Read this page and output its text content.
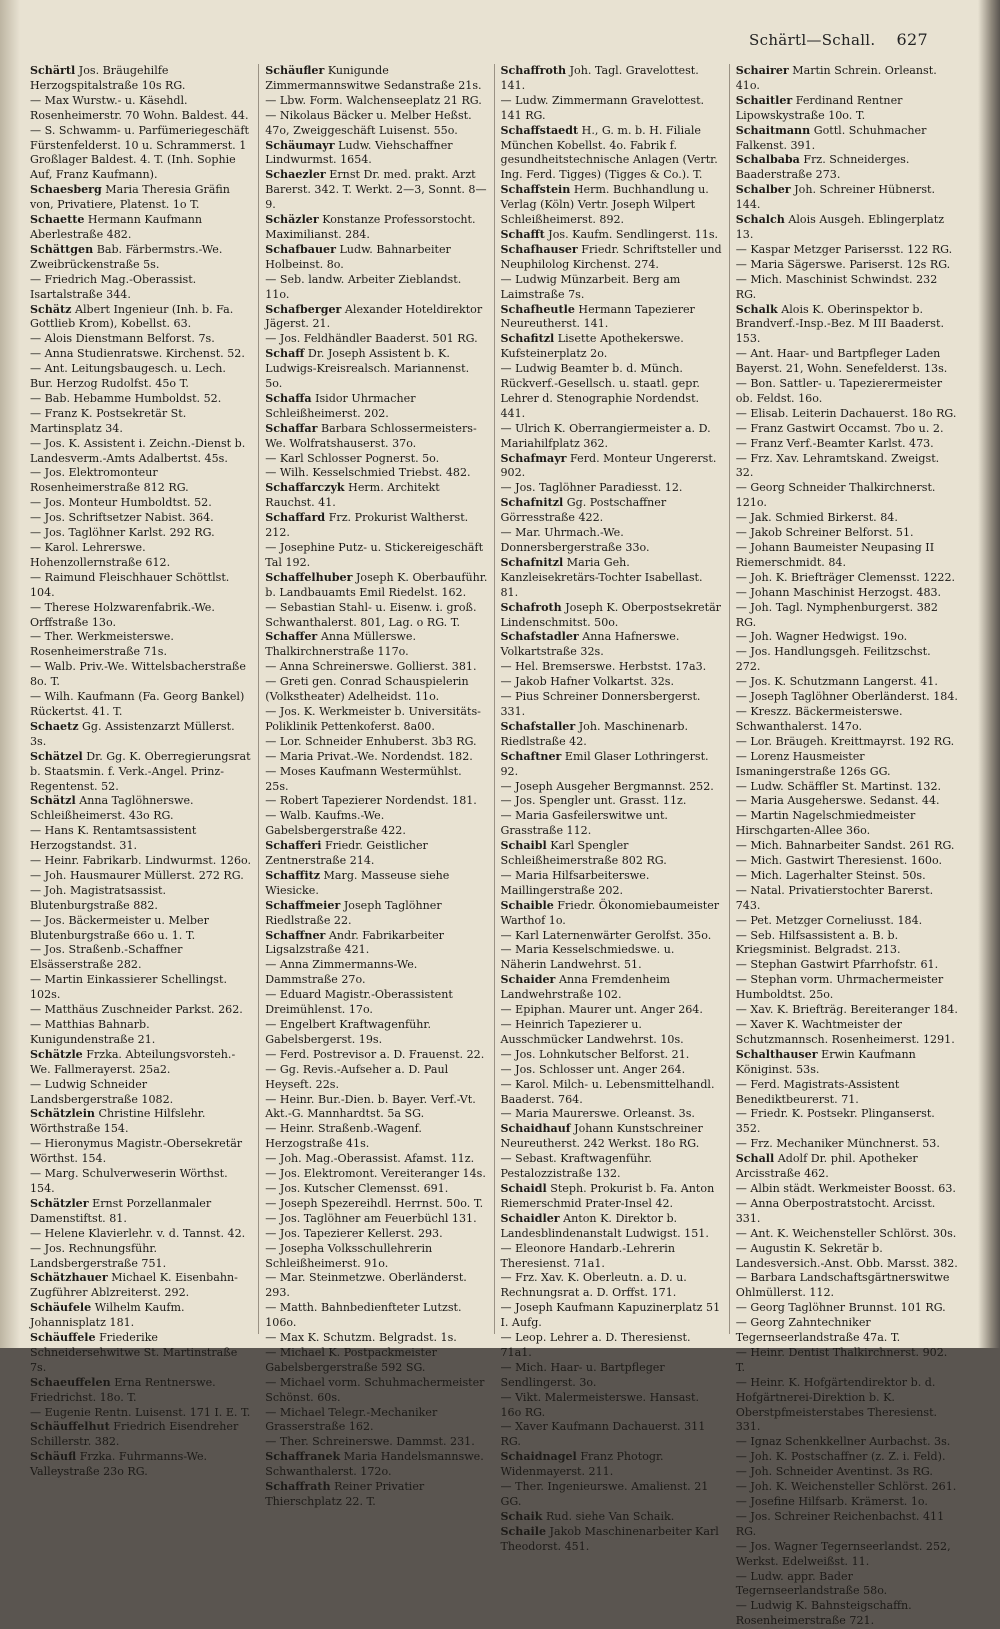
Schärtl—Schall. 627

Schärtl Jos. Bräugehilfe Herzogspitalstraße 10s RG.

— Max Wurstw.- u. Käsehdl. Rosenheimerstr. 70 Wohn. Baldest. 44.

— S. Schwamm- u. Parfümeriegeschäft Fürstenfelderst. 10 u. Schrammerst. 1 Großlager Baldest. 4. T. (Inh. Sophie Auf, Franz Kaufmann).

Schaesberg Maria Theresia Gräfin von, Privatiere, Platenst. 1o T.

Schaette Hermann Kaufmann Aberlestraße 482.

Schättgen Bab. Färbermstrs.-We. Zweibrückenstraße 5s.

— Friedrich Mag.-Oberassist. Isartalstraße 344.

Schätz Albert Ingenieur (Inh. b. Fa. Gottlieb Krom), Kobellst. 63.

— Alois Dienstmann Belforst. 7s.

— Anna Studienratswe. Kirchenst. 52.

— Ant. Leitungsbaugesch. u. Lech. Bur. Herzog Rudolfst. 45o T.

— Bab. Hebamme Humboldst. 52.

— Franz K. Postsekretär St. Martinsplatz 34.

— Jos. K. Assistent i. Zeichn.-Dienst b. Landesverm.-Amts Adalbertst. 45s.

— Jos. Elektromonteur Rosenheimerstraße 812 RG.

— Jos. Monteur Humboldtst. 52.

— Jos. Schriftsetzer Nabist. 364.

— Jos. Taglöhner Karlst. 292 RG.

— Karol. Lehrerswe. Hohenzollernstraße 612.

— Raimund Fleischhauer Schöttlst. 104.

— Therese Holzwarenfabrik.-We. Orffstraße 13o.

— Ther. Werkmeisterswe. Rosenheimerstraße 71s.

— Walb. Priv.-We. Wittelsbacherstraße 8o. T.

— Wilh. Kaufmann (Fa. Georg Bankel) Rückertst. 41. T.

Schaetz Gg. Assistenzarzt Müllerst. 3s.

Schätzel Dr. Gg. K. Oberregierungsrat b. Staatsmin. f. Verk.-Angel. Prinz-Regentenst. 52.

Schätzl Anna Taglöhnerswe. Schleißheimerst. 43o RG.

— Hans K. Rentamtsassistent Herzogstandst. 31.

— Heinr. Fabrikarb. Lindwurmst. 126o.

— Joh. Hausmaurer Müllerst. 272 RG.

— Joh. Magistratsassist. Blutenburgstraße 882.

— Jos. Bäckermeister u. Melber Blutenburgstraße 66o u. 1. T.

— Jos. Straßenb.-Schaffner Elsässerstraße 282.

— Martin Einkassierer Schellingst. 102s.

— Matthäus Zuschneider Parkst. 262.

— Matthias Bahnarb. Kunigundenstraße 21.

Schätzle Frzka. Abteilungsvorsteh.-We. Fallmerayerst. 25a2.

— Ludwig Schneider Landsbergerstraße 1082.

Schätzlein Christine Hilfslehr. Wörthstraße 154.

— Hieronymus Magistr.-Obersekretär Wörthst. 154.

— Marg. Schulverweserin Wörthst. 154.

Schätzler Ernst Porzellanmaler Damenstiftst. 81.

— Helene Klavierlehr. v. d. Tannst. 42.

— Jos. Rechnungsführ. Landsbergerstraße 751.

Schätzhauer Michael K. Eisenbahn-Zugführer Ablzreiterst. 292.

Schäufele Wilhelm Kaufm. Johannisplatz 181.

Schäuffele Friederike Schneidersehwitwe St. Martinstraße 7s.

Schaeuffelen Erna Rentnerswe. Friedrichst. 18o. T.

— Eugenie Rentn. Luisenst. 171 I. E. T.

Schäuffelhut Friedrich Eisendreher Schillerstr. 382.

Schäufl Frzka. Fuhrmanns-We. Valleystraße 23o RG.

Schäufler Kunigunde Zimmermannswitwe Sedanstraße 21s.

— Lbw. Form. Walchenseeplatz 21 RG.

— Nikolaus Bäcker u. Melber Heßst. 47o, Zweiggeschäft Luisenst. 55o.

Schäumayr Ludw. Viehschaffner Lindwurmst. 1654.

Schaezler Ernst Dr. med. prakt. Arzt Barerst. 342. T. Werkt. 2—3, Sonnt. 8—9.

Schäzler Konstanze Professorstocht. Maximilianst. 284.

Schafbauer Ludw. Bahnarbeiter Holbeinst. 8o.

— Seb. landw. Arbeiter Zieblandst. 11o.

Schafberger Alexander Hoteldirektor Jägerst. 21.

— Jos. Feldhändler Baaderst. 501 RG.

Schaff Dr. Joseph Assistent b. K. Ludwigs-Kreisrealsch. Mariannenst. 5o.

Schaffa Isidor Uhrmacher Schleißheimerst. 202.

Schaffar Barbara Schlossermeisters-We. Wolfratshauserst. 37o.

— Karl Schlosser Pognerst. 5o.

— Wilh. Kesselschmied Triebst. 482.

Schaffarczyk Herm. Architekt Rauchst. 41.

Schaffard Frz. Prokurist Waltherst. 212.

— Josephine Putz- u. Stickereigeschäft Tal 192.

Schaffelhuber Joseph K. Oberbauführ. b. Landbauamts Emil Riedelst. 162.

— Sebastian Stahl- u. Eisenw. i. groß. Schwanthalerst. 801, Lag. o RG. T.

Schaffer Anna Müllerswe. Thalkirchnerstraße 117o.

— Anna Schreinerswe. Gollierst. 381.

— Greti gen. Conrad Schauspielerin (Volkstheater) Adelheidst. 11o.

— Jos. K. Werkmeister b. Universitäts-Poliklinik Pettenkoferst. 8a00.

— Lor. Schneider Enhuberst. 3b3 RG.

— Maria Privat.-We. Nordendst. 182.

— Moses Kaufmann Westermühlst. 25s.

— Robert Tapezierer Nordendst. 181.

— Walb. Kaufms.-We. Gabelsbergerstraße 422.

Schafferi Friedr. Geistlicher Zentnerstraße 214.

Schaffitz Marg. Masseuse siehe Wiesicke.

Schaffmeier Joseph Taglöhner Riedlstraße 22.

Schaffner Andr. Fabrikarbeiter Ligsalzstraße 421.

— Anna Zimmermanns-We. Dammstraße 27o.

— Eduard Magistr.-Oberassistent Dreimühlenst. 17o.

— Engelbert Kraftwagenführ. Gabelsbergerst. 19s.

— Ferd. Postrevisor a. D. Frauenst. 22.

— Gg. Revis.-Aufseher a. D. Paul Heyseft. 22s.

— Heinr. Bur.-Dien. b. Bayer. Verf.-Vt. Akt.-G. Mannhardtst. 5a SG.

— Heinr. Straßenb.-Wagenf. Herzogstraße 41s.

— Joh. Mag.-Oberassist. Afamst. 11z.

— Jos. Elektromont. Vereiteranger 14s.

— Jos. Kutscher Clemensst. 691.

— Joseph Spezereihdl. Herrnst. 50o. T.

— Jos. Taglöhner am Feuerbüchl 131.

— Jos. Tapezierer Kellerst. 293.

— Josepha Volksschullehrerin Schleißheimerst. 91o.

— Mar. Steinmetzwe. Oberländerst. 293.

— Matth. Bahnbedienfteter Lutzst. 106o.

— Max K. Schutzm. Belgradst. 1s.

— Michael K. Postpackmeister Gabelsbergerstraße 592 SG.

— Michael vorm. Schuhmachermeister Schönst. 60s.

— Michael Telegr.-Mechaniker Grasserstraße 162.

— Ther. Schreinerswe. Dammst. 231.

Schaffranek Maria Handelsmannswe. Schwanthalerst. 172o.

Schaffrath Reiner Privatier Thierschplatz 22. T.

Schaffroth Joh. Tagl. Gravelottest. 141.

— Ludw. Zimmermann Gravelottest. 141 RG.

Schaffstaedt H., G. m. b. H. Filiale München Kobellst. 4o. Fabrik f. gesundheitstechnische Anlagen (Vertr. Ing. Ferd. Tigges) (Tigges & Co.). T.

Schaffstein Herm. Buchhandlung u. Verlag (Köln) Vertr. Joseph Wilpert Schleißheimerst. 892.

Schafft Jos. Kaufm. Sendlingerst. 11s.

Schafhauser Friedr. Schriftsteller und Neuphilolog Kirchenst. 274.

— Ludwig Münzarbeit. Berg am Laimstraße 7s.

Schafheutle Hermann Tapezierer Neureutherst. 141.

Schafitzl Lisette Apothekerswe. Kufsteinerplatz 2o.

— Ludwig Beamter b. d. Münch. Rückverf.-Gesellsch. u. staatl. gepr. Lehrer d. Stenographie Nordendst. 441.

— Ulrich K. Oberrangiermeister a. D. Mariahilfplatz 362.

Schafmayr Ferd. Monteur Ungererst. 902.

— Jos. Taglöhner Paradiesst. 12.

Schafnitzl Gg. Postschaffner Görresstraße 422.

— Mar. Uhrmach.-We. Donnersbergerstraße 33o.

Schafnitzl Maria Geh. Kanzleisekretärs-Tochter Isabellast. 81.

Schafroth Joseph K. Oberpostsekretär Lindenschmitst. 50o.

Schafstadler Anna Hafnerswe. Volkartstraße 32s.

— Hel. Bremserswe. Herbstst. 17a3.

— Jakob Hafner Volkartst. 32s.

— Pius Schreiner Donnersbergerst. 331.

Schafstaller Joh. Maschinenarb. Riedlstraße 42.

Schaftner Emil Glaser Lothringerst. 92.

— Joseph Ausgeher Bergmannst. 252.

— Jos. Spengler unt. Grasst. 11z.

— Maria Gasfeilerswitwe unt. Grasstraße 112.

Schaibl Karl Spengler Schleißheimerstraße 802 RG.

— Maria Hilfsarbeiterswe. Maillingerstraße 202.

Schaible Friedr. Ökonomiebaumeister Warthof 1o.

— Karl Laternenwärter Gerolfst. 35o.

— Maria Kesselschmiedswe. u. Näherin Landwehrst. 51.

Schaider Anna Fremdenheim Landwehrstraße 102.

— Epiphan. Maurer unt. Anger 264.

— Heinrich Tapezierer u. Ausschmücker Landwehrst. 10s.

— Jos. Lohnkutscher Belforst. 21.

— Jos. Schlosser unt. Anger 264.

— Karol. Milch- u. Lebensmittelhandl. Baaderst. 764.

— Maria Maurerswe. Orleanst. 3s.

Schaidhauf Johann Kunstschreiner Neureutherst. 242 Werkst. 18o RG.

— Sebast. Kraftwagenführ. Pestalozzistraße 132.

Schaidl Steph. Prokurist b. Fa. Anton Riemerschmid Prater-Insel 42.

Schaidler Anton K. Direktor b. Landesblindenanstalt Ludwigst. 151.

— Eleonore Handarb.-Lehrerin Theresienst. 71a1.

— Frz. Xav. K. Oberleutn. a. D. u. Rechnungsrat a. D. Orffst. 171.

— Joseph Kaufmann Kapuzinerplatz 51 I. Aufg.

— Leop. Lehrer a. D. Theresienst. 71a1.

— Mich. Haar- u. Bartpfleger Sendlingerst. 3o.

— Vikt. Malermeisterswe. Hansast. 16o RG.

— Xaver Kaufmann Dachauerst. 311 RG.

Schaidnagel Franz Photogr. Widenmayerst. 211.

— Ther. Ingenieurswe. Amalienst. 21 GG.

Schaik Rud. siehe Van Schaik.

Schaile Jakob Maschinenarbeiter Karl Theodorst. 451.

Schairer Martin Schrein. Orleanst. 41o.

Schaitler Ferdinand Rentner Lipowskystraße 10o. T.

Schaitmann Gottl. Schuhmacher Falkenst. 391.

Schalbaba Frz. Schneiderges. Baaderstraße 273.

Schalber Joh. Schreiner Hübnerst. 144.

Schalch Alois Ausgeh. Eblingerplatz 13.

— Kaspar Metzger Parisersst. 122 RG.

— Maria Sägerswe. Pariserst. 12s RG.

— Mich. Maschinist Schwindst. 232 RG.

Schalk Alois K. Oberinspektor b. Brandverf.-Insp.-Bez. M III Baaderst. 153.

— Ant. Haar- und Bartpfleger Laden Bayerst. 21, Wohn. Senefelderst. 13s.

— Bon. Sattler- u. Tapezierermeister ob. Feldst. 16o.

— Elisab. Leiterin Dachauerst. 18o RG.

— Franz Gastwirt Occamst. 7bo u. 2.

— Franz Verf.-Beamter Karlst. 473.

— Frz. Xav. Lehramtskand. Zweigst. 32.

— Georg Schneider Thalkirchnerst. 121o.

— Jak. Schmied Birkerst. 84.

— Jakob Schreiner Belforst. 51.

— Johann Baumeister Neupasing II Riemerschmidt. 84.

— Joh. K. Briefträger Clemensst. 1222.

— Johann Maschinist Herzogst. 483.

— Joh. Tagl. Nymphenburgerst. 382 RG.

— Joh. Wagner Hedwigst. 19o.

— Jos. Handlungsgeh. Feilitzschst. 272.

— Jos. K. Schutzmann Langerst. 41.

— Joseph Taglöhner Oberländerst. 184.

— Kreszz. Bäckermeisterswe. Schwanthalerst. 147o.

— Lor. Bräugeh. Kreittmayrst. 192 RG.

— Lorenz Hausmeister Ismaningerstraße 126s GG.

— Ludw. Schäffler St. Martinst. 132.

— Maria Ausgeherswe. Sedanst. 44.

— Martin Nagelschmiedmeister Hirschgarten-Allee 36o.

— Mich. Bahnarbeiter Sandst. 261 RG.

— Mich. Gastwirt Theresienst. 160o.

— Mich. Lagerhalter Steinst. 50s.

— Natal. Privatierstochter Barerst. 743.

— Pet. Metzger Corneliusst. 184.

— Seb. Hilfsassistent a. B. b. Kriegsminist. Belgradst. 213.

— Stephan Gastwirt Pfarrhofstr. 61.

— Stephan vorm. Uhrmachermeister Humboldtst. 25o.

— Xav. K. Briefträg. Bereiteranger 184.

— Xaver K. Wachtmeister der Schutzmannsch. Rosenheimerst. 1291.

Schalthauser Erwin Kaufmann Königinst. 53s.

— Ferd. Magistrats-Assistent Benediktbeurerst. 71.

— Friedr. K. Postsekr. Plinganserst. 352.

— Frz. Mechaniker Münchnerst. 53.

Schall Adolf Dr. phil. Apotheker Arcisstraße 462.

— Albin städt. Werkmeister Boosst. 63.

— Anna Oberpostratstocht. Arcisst. 331.

— Ant. K. Weichensteller Schlörst. 30s.

— Augustin K. Sekretär b. Landesversich.-Anst. Obb. Marsst. 382.

— Barbara Landschaftsgärtnerswitwe Ohlmüllerst. 112.

— Georg Taglöhner Brunnst. 101 RG.

— Georg Zahntechniker Tegernseerlandstraße 47a. T.

— Heinr. Dentist Thalkirchnerst. 902. T.

— Heinr. K. Hofgärtendirektor b. d. Hofgärtnerei-Direktion b. K. Oberstpfmeisterstabes Theresienst. 331.

— Ignaz Schenkkellner Aurbachst. 3s.

— Joh. K. Postschaffner (z. Z. i. Feld).

— Joh. Schneider Aventinst. 3s RG.

— Joh. K. Weichensteller Schlörst. 261.

— Josefine Hilfsarb. Krämerst. 1o.

— Jos. Schreiner Reichenbachst. 411 RG.

— Jos. Wagner Tegernseerlandst. 252, Werkst. Edelweißst. 11.

— Ludw. appr. Bader Tegernseerlandstraße 58o.

— Ludwig K. Bahnsteigschaffn. Rosenheimerstraße 721.
